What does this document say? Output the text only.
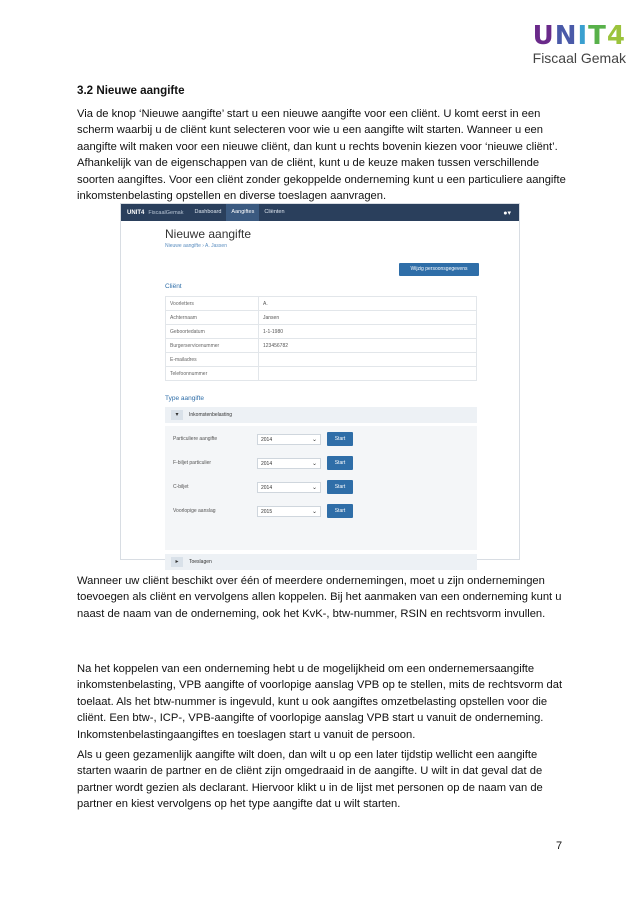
UNIT4
Fiscaal Gemak
3.2 Nieuwe aangifte
Via de knop ‘Nieuwe aangifte’ start u een nieuwe aangifte voor een cliënt. U komt eerst in een scherm waarbij u de cliënt kunt selecteren voor wie u een aangifte wilt starten. Wanneer u een aangifte wilt maken voor een nieuwe cliënt, dan kunt u rechts bovenin kiezen voor ‘nieuwe cliënt’. Afhankelijk van de eigenschappen van de cliënt, kunt u de keuze maken tussen verschillende soorten aangiftes. Voor een cliënt zonder gekoppelde onderneming kunt u een particuliere aangifte inkomstenbelasting opstellen en diverse toeslagen aanvragen.
UNIT4 FiscaalGemak	Dashboard	Aangiftes	Cliënten	●▾
Nieuwe aangifte
Nieuwe aangifte › A. Jassen
Wijzig persoonsgegevens
Cliënt
Voorletters	A.
Achternaam	Jansen
Geboortedatum	1-1-1980
Burgerservicenummer	123456782
E-mailadres	
Telefoonnummer	
Type aangifte
▾	Inkomstenbelasting
Particuliere aangifte	2014	⌄	Start
F-biljet particulier	2014	⌄	Start
C-biljet	2014	⌄	Start
Voorlopige aanslag	2015	⌄	Start
▸	Toeslagen
Wanneer uw cliënt beschikt over één of meerdere ondernemingen, moet u zijn ondernemingen toevoegen als cliënt en vervolgens allen koppelen. Bij het aanmaken van een onderneming kunt u naast de naam van de onderneming, ook het KvK-, btw-nummer, RSIN en rechtsvorm invullen.
Na het koppelen van een onderneming hebt u de mogelijkheid om een ondernemersaangifte inkomstenbelasting, VPB aangifte of voorlopige aanslag VPB op te stellen, mits de rechtsvorm dat toelaat. Als het btw-nummer is ingevuld, kunt u ook aangiftes omzetbelasting opstellen voor die cliënt. Een btw-, ICP-, VPB-aangifte of voorlopige aanslag VPB start u vanuit de onderneming. Inkomstenbelastingaangiftes en toeslagen start u vanuit de persoon.
Als u geen gezamenlijk aangifte wilt doen, dan wilt u op een later tijdstip wellicht een aangifte starten waarin de partner en de cliënt zijn omgedraaid in de aangifte. U wilt in dat geval dat de partner wordt gezien als declarant. Hiervoor klikt u in de lijst met personen op de naam van de partner en kiest vervolgens op het type aangifte dat u wilt starten.
7
